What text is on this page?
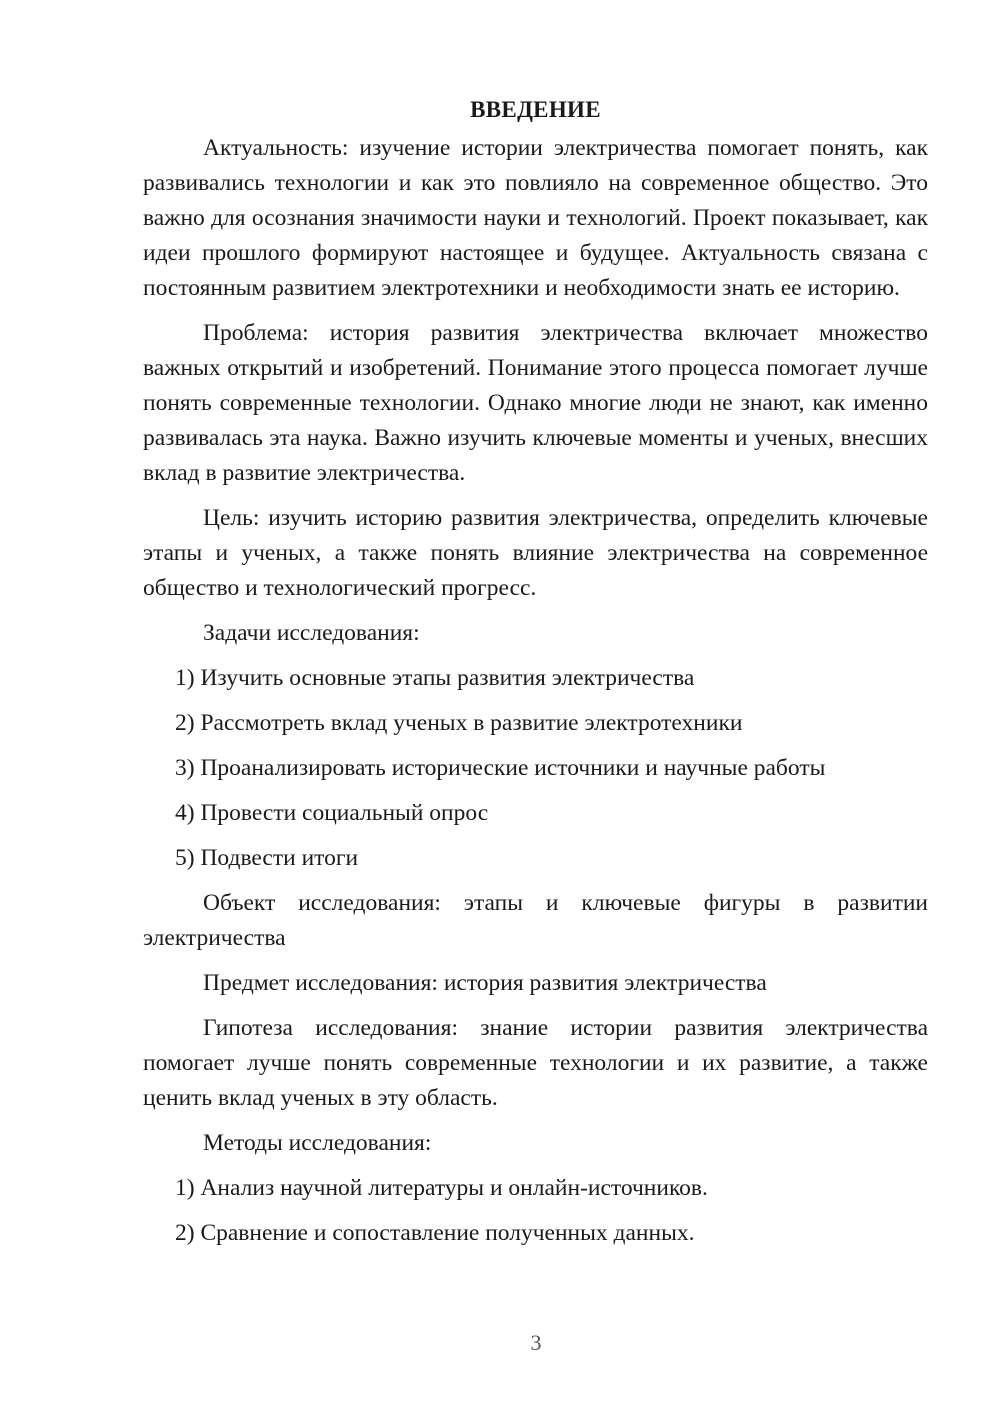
ВВЕДЕНИЕ

Актуальность: изучение истории электричества помогает понять, как развивались технологии и как это повлияло на современное общество. Это важно для осознания значимости науки и технологий. Проект показывает, как идеи прошлого формируют настоящее и будущее. Актуальность связана с постоянным развитием электротехники и необходимости знать ее историю.

Проблема: история развития электричества включает множество важных открытий и изобретений. Понимание этого процесса помогает лучше понять современные технологии. Однако многие люди не знают, как именно развивалась эта наука. Важно изучить ключевые моменты и ученых, внесших вклад в развитие электричества.

Цель: изучить историю развития электричества, определить ключевые этапы и ученых, а также понять влияние электричества на современное общество и технологический прогресс.

Задачи исследования:

1) Изучить основные этапы развития электричества

2) Рассмотреть вклад ученых в развитие электротехники

3) Проанализировать исторические источники и научные работы

4) Провести социальный опрос

5) Подвести итоги

Объект исследования: этапы и ключевые фигуры в развитии электричества

Предмет исследования: история развития электричества

Гипотеза исследования: знание истории развития электричества помогает лучше понять современные технологии и их развитие, а также ценить вклад ученых в эту область.

Методы исследования:

1) Анализ научной литературы и онлайн-источников.

2) Сравнение и сопоставление полученных данных.

3
